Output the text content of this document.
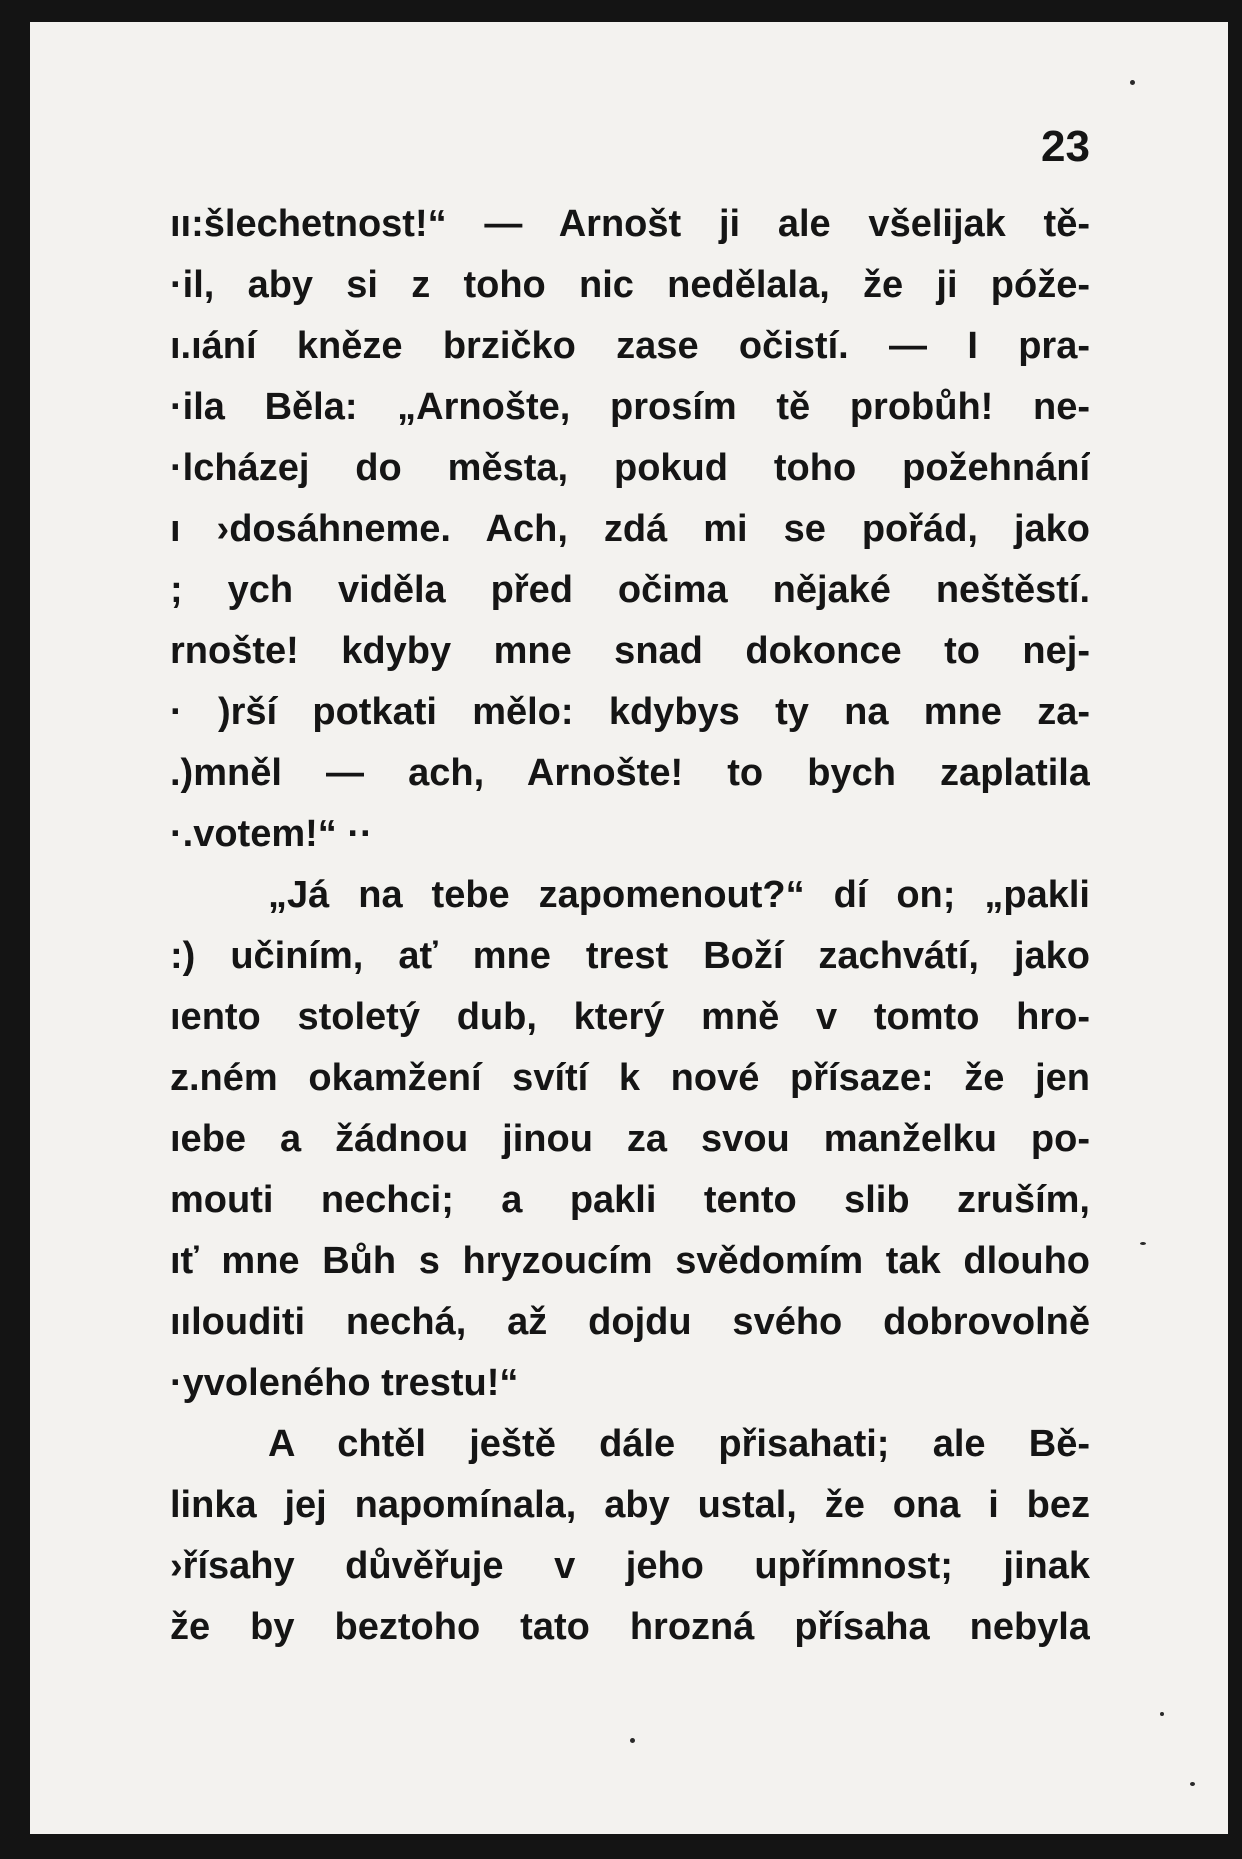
23
ıı:šlechetnost!“ — Arnošt ji ale všelijak tě-
·il, aby si z toho nic nedělala, že ji póže-
ı.ıání kněze brzičko zase očistí. — I pra-
·ila Běla: „Arnošte, prosím tě probůh! ne-
·lcházej do města, pokud toho požehnání
ı ›dosáhneme. Ach, zdá mi se pořád, jako
; ych viděla před očima nějaké neštěstí.
rnošte! kdyby mne snad dokonce to nej-
· )rší potkati mělo: kdybys ty na mne za-
.)mněl — ach, Arnošte! to bych zaplatila
·.votem!“ ··
„Já na tebe zapomenout?“ dí on; „pakli
:) učiním, ať mne trest Boží zachvátí, jako
ıento stoletý dub, který mně v tomto hro-
ᴢ.ném okamžení svítí k nové přísaze: že jen
ıebe a žádnou jinou za svou manželku po-
mouti nechci; a pakli tento slib zruším,
ıť mne Bůh s hryzoucím svědomím tak dlouho
ıılouditi nechá, až dojdu svého dobrovolně
·yvoleného trestu!“
A chtěl ještě dále přisahati; ale Bě-
linka jej napomínala, aby ustal, že ona i bez
›řísahy důvěřuje v jeho upřímnost; jinak
že by beztoho tato hrozná přísaha nebyla
